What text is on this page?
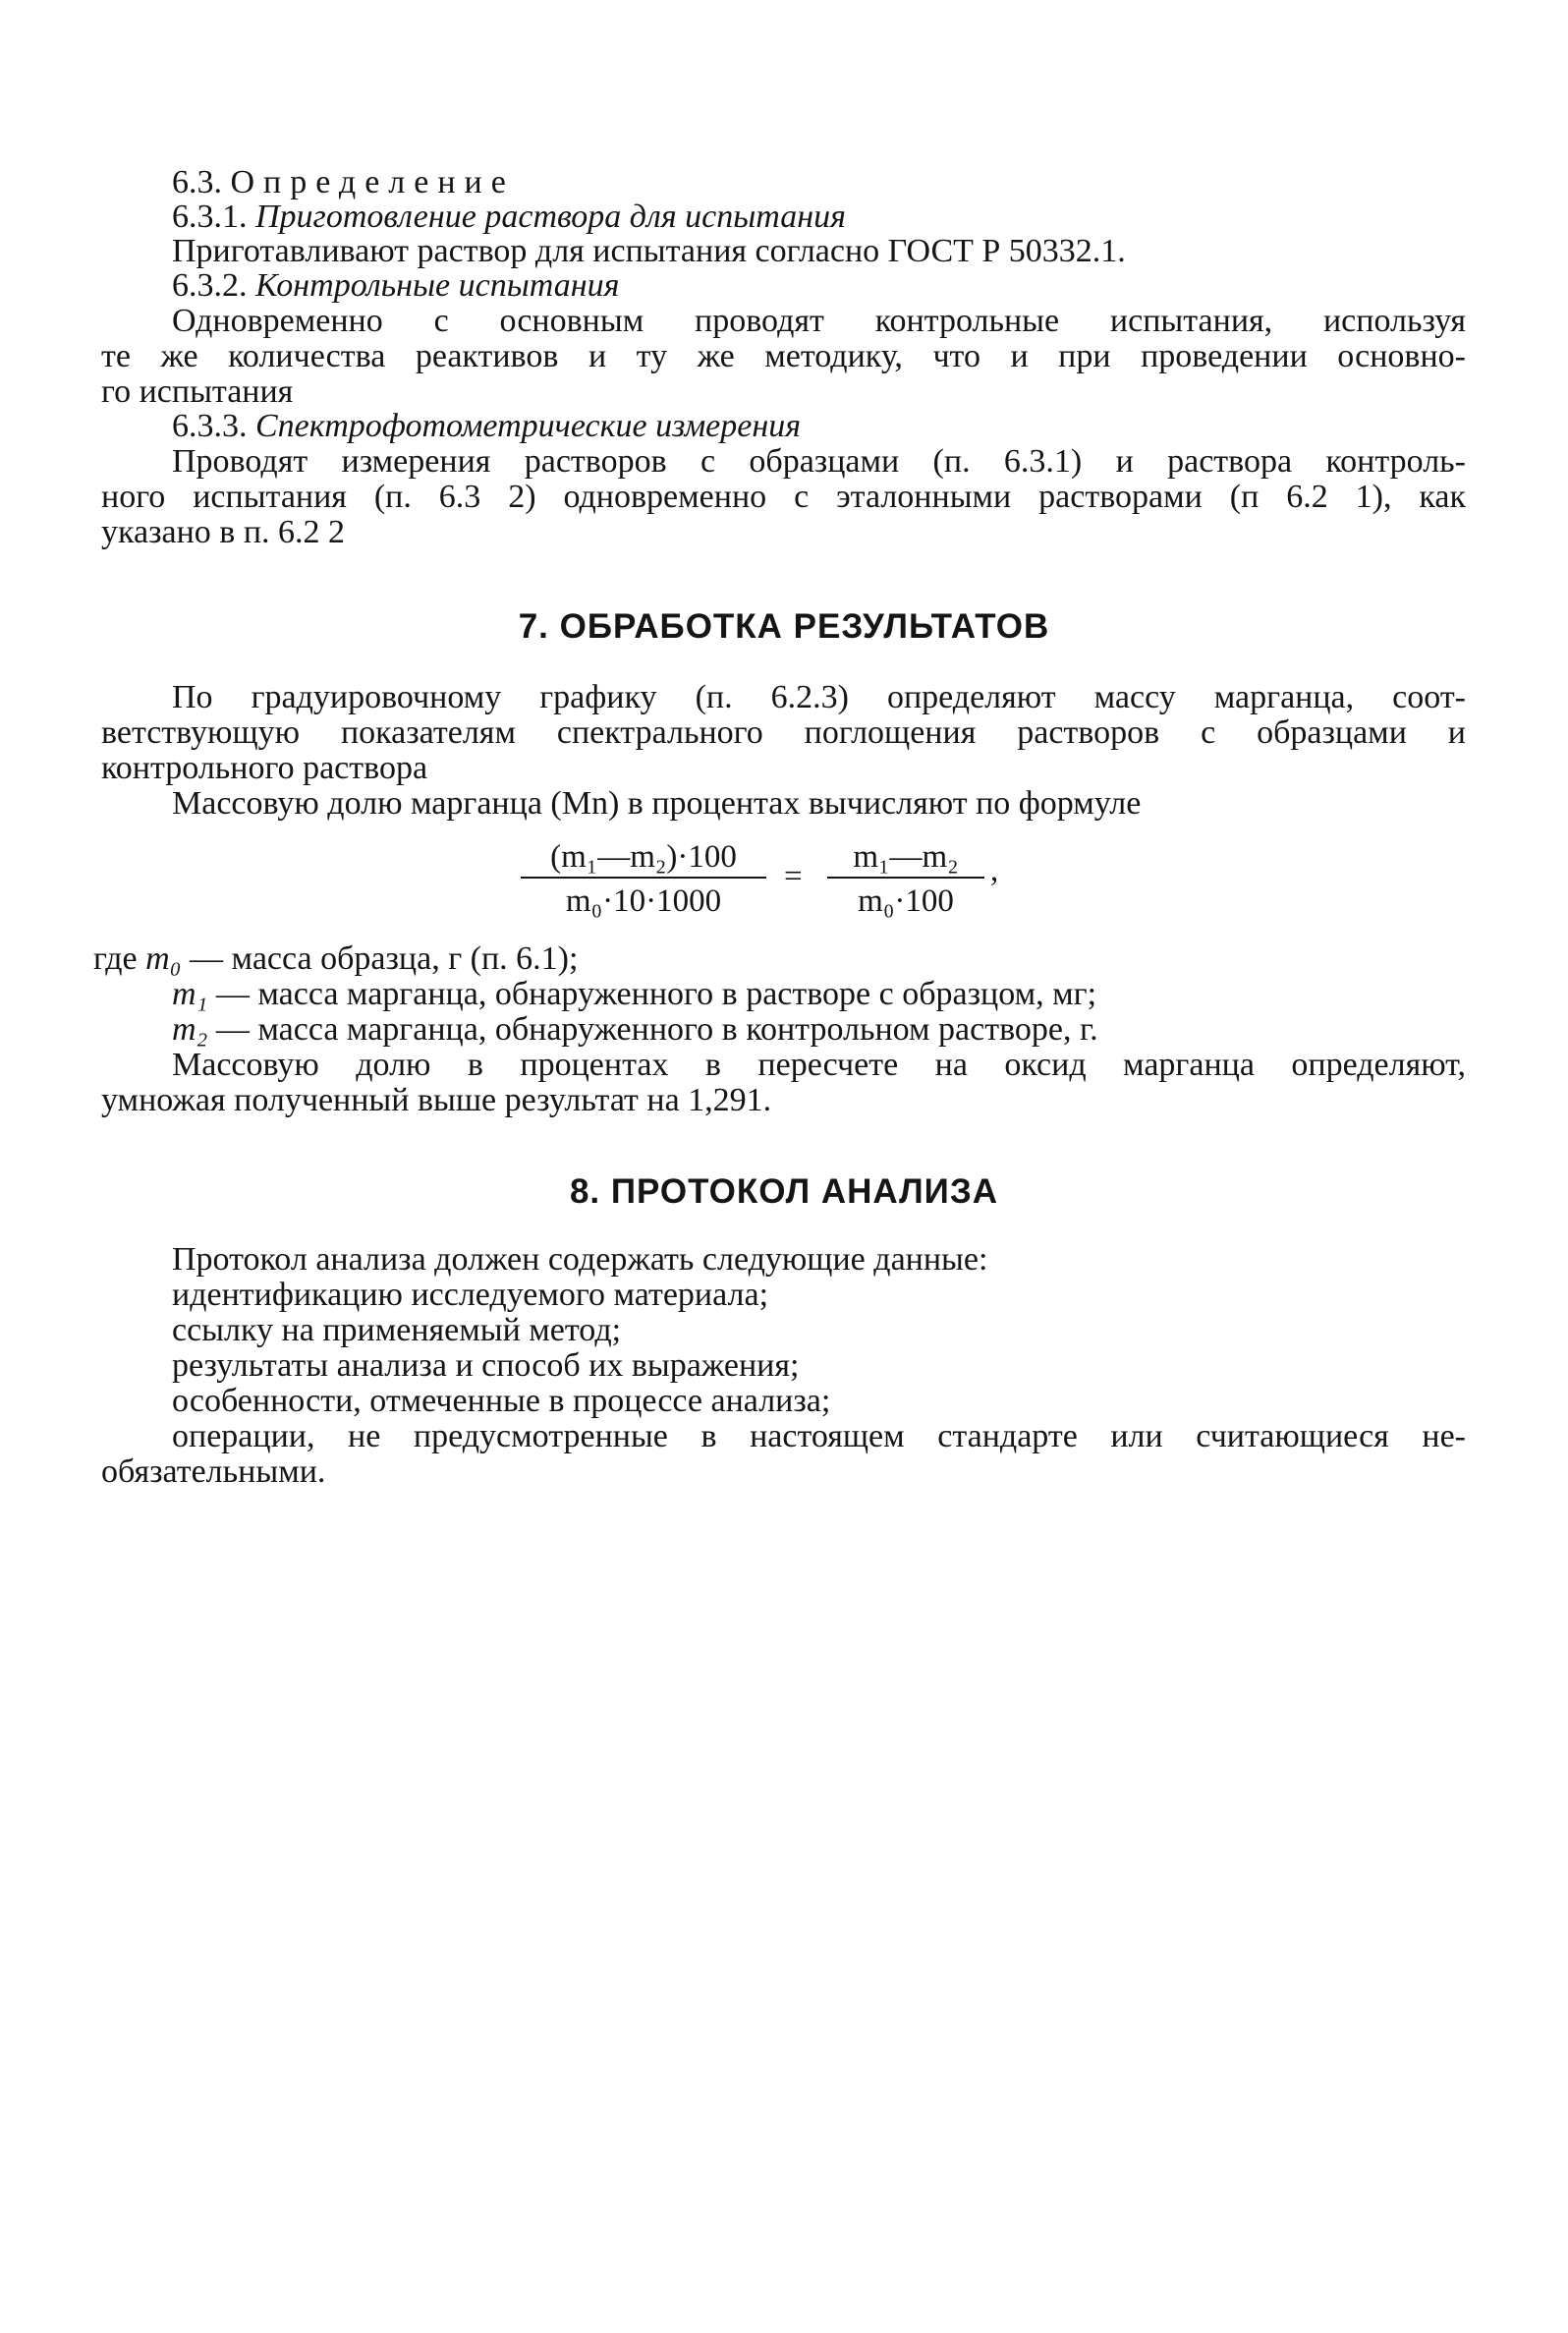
6.3. Определение
6.3.1. Приготовление раствора для испытания
Приготавливают раствор для испытания согласно ГОСТ Р 50332.1.
6.3.2. Контрольные испытания
Одновременно с основным проводят контрольные испытания, используя
те же количества реактивов и ту же методику, что и при проведении основно-
го испытания
6.3.3. Спектрофотометрические измерения
Проводят измерения растворов с образцами (п. 6.3.1) и раствора контроль-
ного испытания (п. 6.3 2) одновременно с эталонными растворами (п 6.2 1), как
указано в п. 6.2 2
7. ОБРАБОТКА РЕЗУЛЬТАТОВ
По градуировочному графику (п. 6.2.3) определяют массу марганца, соот-
ветствующую показателям спектрального поглощения растворов с образцами и
контрольного раствора
Массовую долю марганца (Mn) в процентах вычисляют по формуле
$\frac{\text{(m₁—m₂)·100}}{\text{m₀·10·1000}} = \frac{\text{m₁—m₂}}{\text{m₀·100}}$ ,
где m₀ — масса образца, г (п. 6.1);
m₁ — масса марганца, обнаруженного в растворе с образцом, мг;
m₂ — масса марганца, обнаруженного в контрольном растворе, г.
Массовую долю в процентах в пересчете на оксид марганца определяют,
умножая полученный выше результат на 1,291.
8. ПРОТОКОЛ АНАЛИЗА
Протокол анализа должен содержать следующие данные:
идентификацию исследуемого материала;
ссылку на применяемый метод;
результаты анализа и способ их выражения;
особенности, отмеченные в процессе анализа;
операции, не предусмотренные в настоящем стандарте или считающиеся не-
обязательными.
